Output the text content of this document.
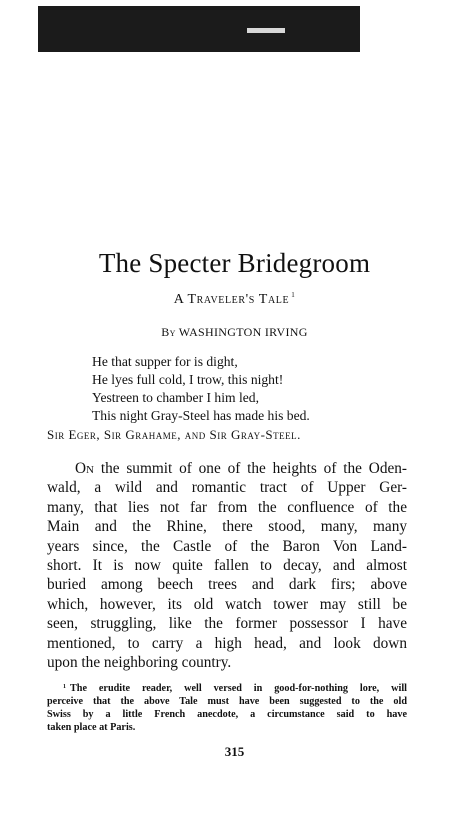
The Specter Bridegroom
A Traveler's Tale $^1$
By WASHINGTON IRVING
He that supper for is dight,
He lyes full cold, I trow, this night!
Yestreen to chamber I him led,
This night Gray-Steel has made his bed.
Sir Eger, Sir Grahame, and Sir Gray-Steel.
On the summit of one of the heights of the Oden-
wald, a wild and romantic tract of Upper Ger-
many, that lies not far from the confluence of the
Main and the Rhine, there stood, many, many
years since, the Castle of the Baron Von Land-
short. It is now quite fallen to decay, and almost
buried among beech trees and dark firs; above
which, however, its old watch tower may still be
seen, struggling, like the former possessor I have
mentioned, to carry a high head, and look down
upon the neighboring country.
$^1$ The erudite reader, well versed in good-for-nothing lore, will
perceive that the above Tale must have been suggested to the old
Swiss by a little French anecdote, a circumstance said to have
taken place at Paris.
315
